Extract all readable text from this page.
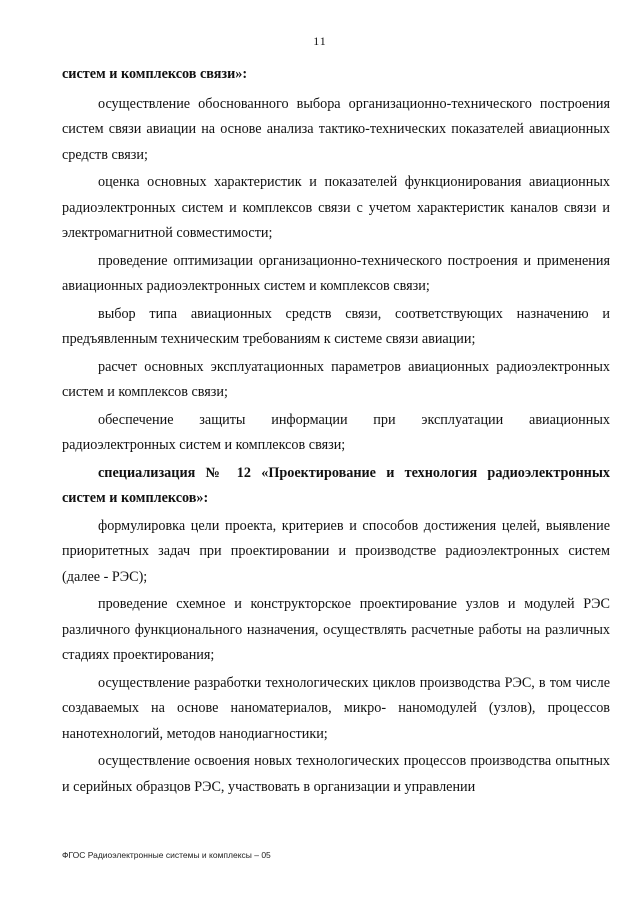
11

систем и комплексов связи»:

осуществление обоснованного выбора организационно-технического построения систем связи авиации на основе анализа тактико-технических показателей авиационных средств связи;

оценка основных характеристик и показателей функционирования авиационных радиоэлектронных систем и комплексов связи с учетом характеристик каналов связи и электромагнитной совместимости;

проведение оптимизации организационно-технического построения и применения авиационных радиоэлектронных систем и комплексов связи;

выбор типа авиационных средств связи, соответствующих назначению и предъявленным техническим требованиям к системе связи авиации;

расчет основных эксплуатационных параметров авиационных радиоэлектронных систем и комплексов связи;

обеспечение защиты информации при эксплуатации авиационных радиоэлектронных систем и комплексов связи;

специализация № 12 «Проектирование и технология радиоэлектронных систем и комплексов»:

формулировка цели проекта, критериев и способов достижения целей, выявление приоритетных задач при проектировании и производстве радиоэлектронных систем (далее - РЭС);

проведение схемное и конструкторское проектирование узлов и модулей РЭС различного функционального назначения, осуществлять расчетные работы на различных стадиях проектирования;

осуществление разработки технологических циклов производства РЭС, в том числе создаваемых на основе наноматериалов, микро- наномодулей (узлов), процессов нанотехнологий, методов нанодиагностики;

осуществление освоения новых технологических процессов производства опытных и серийных образцов РЭС, участвовать в организации и управлении

ФГОС Радиоэлектронные системы и комплексы – 05
